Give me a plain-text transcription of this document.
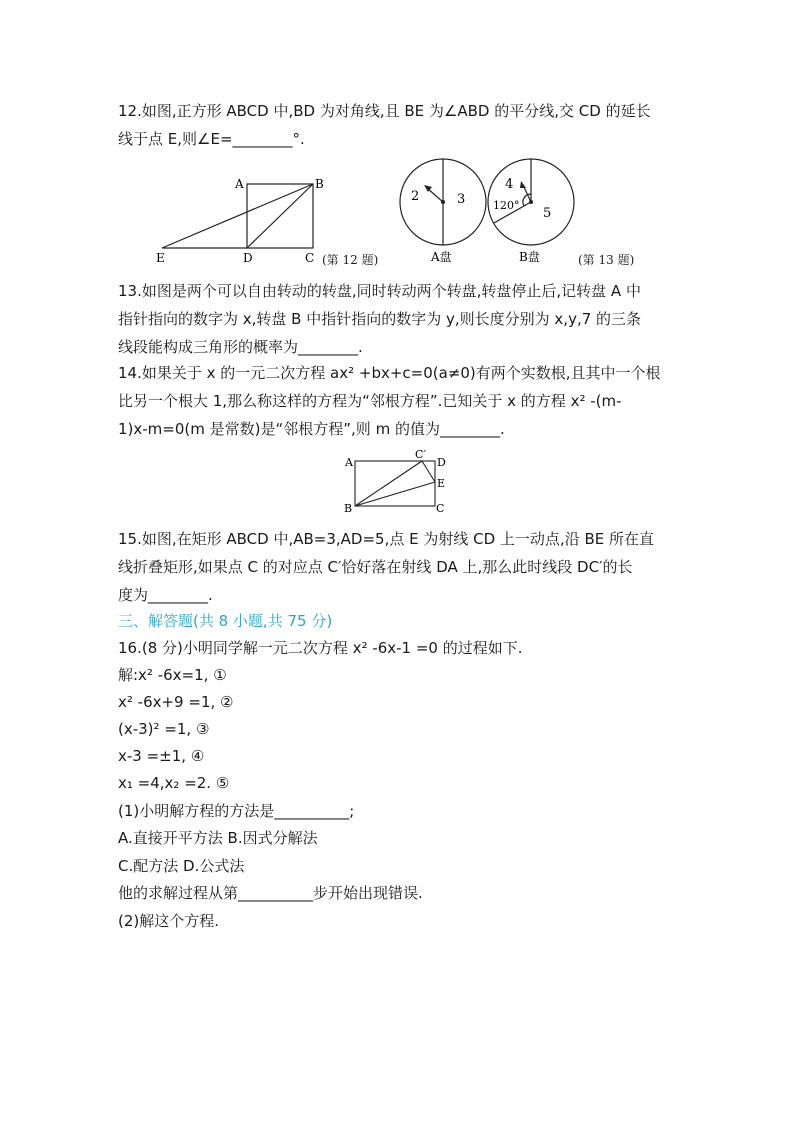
12.如图,正方形 ABCD 中,BD 为对角线,且 BE 为∠ABD 的平分线,交 CD 的延长
线于点 E,则∠E=________°.
A	B
C
D
E	(第 12 题)
2	3
A盘
4
5
120°
B盘	(第 13 题)
13.如图是两个可以自由转动的转盘,同时转动两个转盘,转盘停止后,记转盘 A 中
指针指向的数字为 x,转盘 B 中指针指向的数字为 y,则长度分别为 x,y,7 的三条
线段能构成三角形的概率为________.
14.如果关于 x 的一元二次方程 ax² +bx+c=0(a≠0)有两个实数根,且其中一个根
比另一个根大 1,那么称这样的方程为“邻根方程”.已知关于 x 的方程 x² -(m-
1)x-m=0(m 是常数)是“邻根方程”,则 m 的值为________.
A
B	C
C′
D
E
15.如图,在矩形 ABCD 中,AB=3,AD=5,点 E 为射线 CD 上一动点,沿 BE 所在直
线折叠矩形,如果点 C 的对应点 C′恰好落在射线 DA 上,那么此时线段 DC′的长
度为________.
三、解答题(共 8 小题,共 75 分)
16.(8 分)小明同学解一元二次方程 x² -6x-1 =0 的过程如下.
解:x² -6x=1, ①
x² -6x+9 =1, ②
(x-3)² =1, ③
x-3 =±1, ④
x₁ =4,x₂ =2. ⑤
(1)小明解方程的方法是__________;
A.直接开平方法 B.因式分解法
C.配方法 D.公式法
他的求解过程从第__________步开始出现错误.
(2)解这个方程.
